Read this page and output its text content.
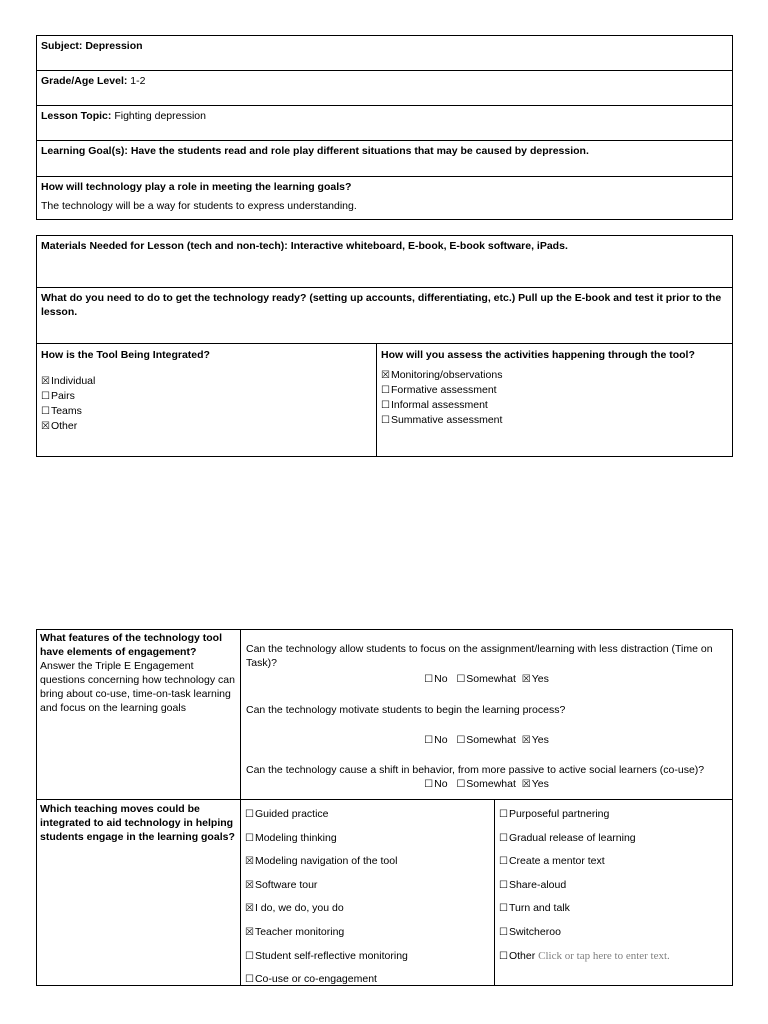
Subject: Depression
Grade/Age Level: 1-2
Lesson Topic: Fighting depression
Learning Goal(s): Have the students read and role play different situations that may be caused by depression.
How will technology play a role in meeting the learning goals?
The technology will be a way for students to express understanding.
Materials Needed for Lesson (tech and non-tech): Interactive whiteboard, E-book, E-book software, iPads.
What do you need to do to get the technology ready? (setting up accounts, differentiating, etc.) Pull up the E-book and test it prior to the lesson.
How is the Tool Being Integrated?
☒Individual
☐Pairs
☐Teams
☒Other
How will you assess the activities happening through the tool?
☒Monitoring/observations
☐Formative assessment
☐Informal assessment
☐Summative assessment
What features of the technology tool have elements of engagement?
Answer the Triple E Engagement questions concerning how technology can bring about co-use, time-on-task learning and focus on the learning goals
Can the technology allow students to focus on the assignment/learning with less distraction (Time on Task)?
☐No ☐Somewhat ☒Yes
Can the technology motivate students to begin the learning process?
☐No ☐Somewhat ☒Yes
Can the technology cause a shift in behavior, from more passive to active social learners (co-use)?
☐No ☐Somewhat ☒Yes
Which teaching moves could be integrated to aid technology in helping students engage in the learning goals?
☐Guided practice
☐Modeling thinking
☒Modeling navigation of the tool
☒Software tour
☒I do, we do, you do
☒Teacher monitoring
☐Student self-reflective monitoring
☐Co-use or co-engagement
☐Purposeful partnering
☐Gradual release of learning
☐Create a mentor text
☐Share-aloud
☐Turn and talk
☐Switcheroo
☐Other Click or tap here to enter text.
